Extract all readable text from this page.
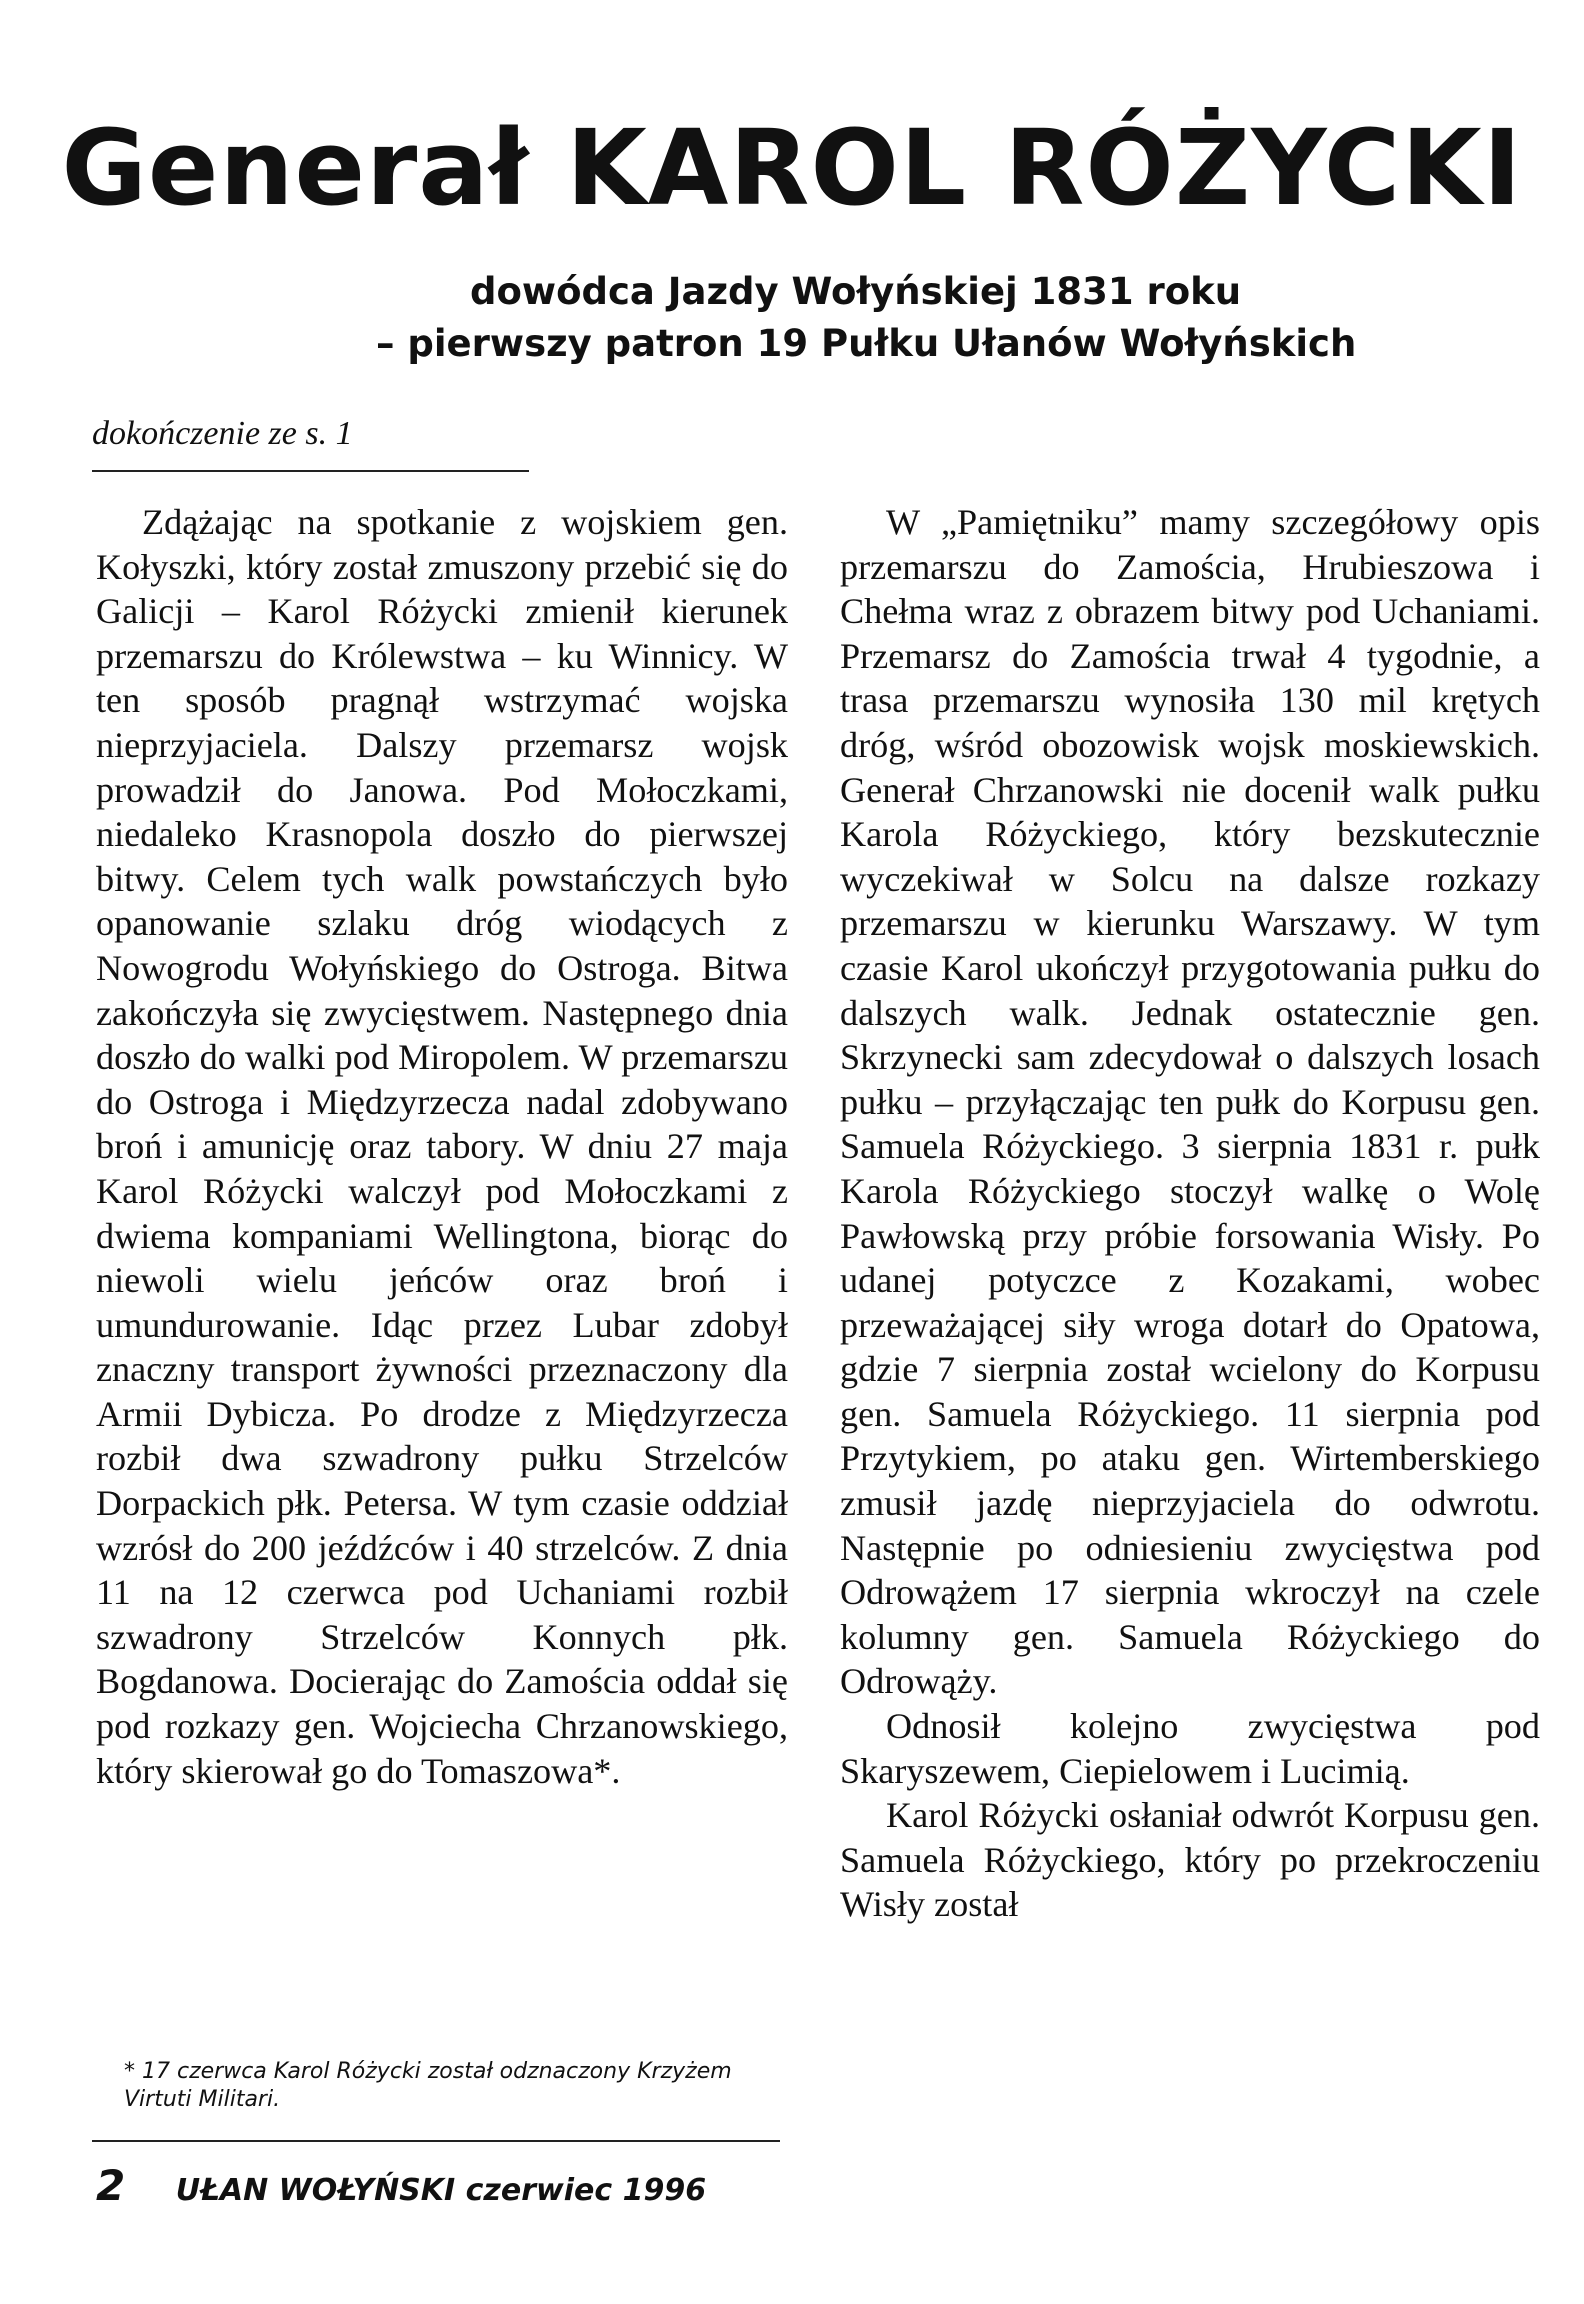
Generał KAROL RÓŻYCKI
dowódca Jazdy Wołyńskiej 1831 roku
– pierwszy patron 19 Pułku Ułanów Wołyńskich
dokończenie ze s. 1

Zdążając na spotkanie z wojskiem gen. Kołyszki, który został zmuszony przebić się do Galicji – Karol Różycki zmienił kierunek przemarszu do Królewstwa – ku Winnicy. W ten sposób pragnął wstrzymać wojska nieprzyjaciela. Dalszy przemarsz wojsk prowadził do Janowa. Pod Mołoczkami, niedaleko Krasnopola doszło do pierwszej bitwy. Celem tych walk powstańczych było opanowanie szlaku dróg wiodących z Nowogrodu Wołyńskiego do Ostroga. Bitwa zakończyła się zwycięstwem. Następnego dnia doszło do walki pod Miropolem. W przemarszu do Ostroga i Międzyrzecza nadal zdobywano broń i amunicję oraz tabory. W dniu 27 maja Karol Różycki walczył pod Mołoczkami z dwiema kompaniami Wellingtona, biorąc do niewoli wielu jeńców oraz broń i umundurowanie. Idąc przez Lubar zdobył znaczny transport żywności przeznaczony dla Armii Dybicza. Po drodze z Międzyrzecza rozbił dwa szwadrony pułku Strzelców Dorpackich płk. Petersa. W tym czasie oddział wzrósł do 200 jeźdźców i 40 strzelców. Z dnia 11 na 12 czerwca pod Uchaniami rozbił szwadrony Strzelców Konnych płk. Bogdanowa. Docierając do Zamościa oddał się pod rozkazy gen. Wojciecha Chrzanowskiego, który skierował go do Tomaszowa*.

W „Pamiętniku” mamy szczegółowy opis przemarszu do Zamościa, Hrubieszowa i Chełma wraz z obrazem bitwy pod Uchaniami. Przemarsz do Zamościa trwał 4 tygodnie, a trasa przemarszu wynosiła 130 mil krętych dróg, wśród obozowisk wojsk moskiewskich. Generał Chrzanowski nie docenił walk pułku Karola Różyckiego, który bezskutecznie wyczekiwał w Solcu na dalsze rozkazy przemarszu w kierunku Warszawy. W tym czasie Karol ukończył przygotowania pułku do dalszych walk. Jednak ostatecznie gen. Skrzynecki sam zdecydował o dalszych losach pułku – przyłączając ten pułk do Korpusu gen. Samuela Różyckiego. 3 sierpnia 1831 r. pułk Karola Różyckiego stoczył walkę o Wolę Pawłowską przy próbie forsowania Wisły. Po udanej potyczce z Kozakami, wobec przeważającej siły wroga dotarł do Opatowa, gdzie 7 sierpnia został wcielony do Korpusu gen. Samuela Różyckiego. 11 sierpnia pod Przytykiem, po ataku gen. Wirtemberskiego zmusił jazdę nieprzyjaciela do odwrotu. Następnie po odniesieniu zwycięstwa pod Odrowążem 17 sierpnia wkroczył na czele kolumny gen. Samuela Różyckiego do Odrowąży.

Odnosił kolejno zwycięstwa pod Skaryszewem, Ciepielowem i Lucimią.

Karol Różycki osłaniał odwrót Korpusu gen. Samuela Różyckiego, który po przekroczeniu Wisły został

* 17 czerwca Karol Różycki został odznaczony Krzyżem Virtuti Militari.
2 UŁAN WOŁYŃSKI czerwiec 1996
